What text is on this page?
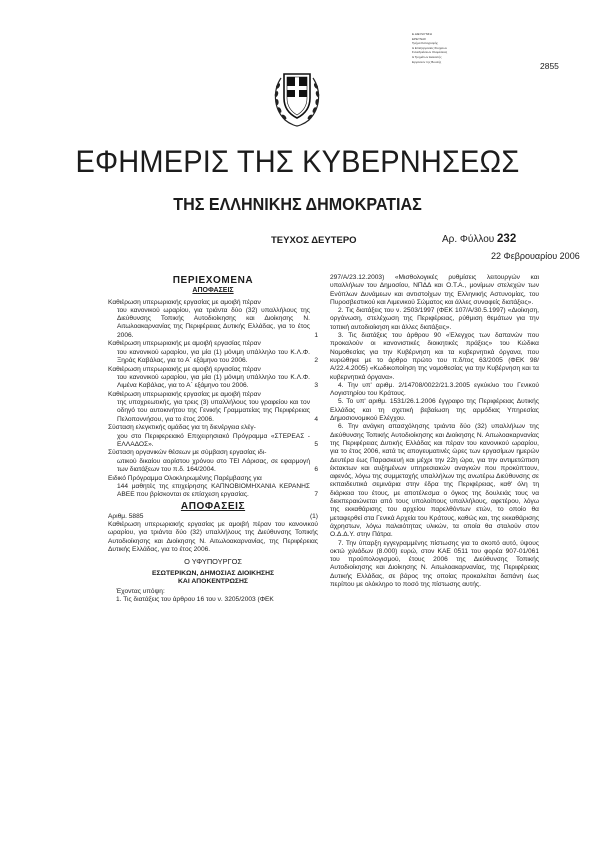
Ε.ΔΙΕΥΘΥΝΣΗ
ΕΡΕΥΝΑΣ
Τμήμα Καταγραφής
& Επεξεργασίας Στοιχείων
Συνεδριάσεων Ολομέλειας
& Τμημάτων Διακοπής
Εργασιών της Βουλής	2855
ΕΦΗΜΕΡΙΣ ΤΗΣ ΚΥΒΕΡΝΗΣΕΩΣ
ΤΗΣ ΕΛΛΗΝΙΚΗΣ ΔΗΜΟΚΡΑΤΙΑΣ
ΤΕΥΧΟΣ ΔΕΥΤΕΡΟ	Αρ. Φύλλου 232
22 Φεβρουαρίου 2006
ΠΕΡΙΕΧΟΜΕΝΑ
ΑΠΟΦΑΣΕΙΣ
Καθιέρωση υπερωριακής εργασίας με αμοιβή πέραν
του κανονικού ωραρίου, για τριάντα δύο (32) υπαλλήλους της Διεύθυνσης Τοπικής Αυτοδιοίκησης και Διοίκησης Ν. Αιτωλοακαρνανίας της Περιφέρειας Δυτικής Ελλάδας, για το έτος 2006.	1
Καθιέρωση υπερωριακής με αμοιβή εργασίας πέραν
του κανονικού ωραρίου, για μία (1) μόνιμη υπάλληλο του Κ.Λ.Φ. Ξηράς Καβάλας, για το Α΄ εξάμηνο του 2006.	2
Καθιέρωση υπερωριακής με αμοιβή εργασίας πέραν
του κανονικού ωραρίου, για μία (1) μόνιμη υπάλληλο του Κ.Λ.Φ. Λιμένα Καβάλας, για το Α΄ εξάμηνο του 2006.	3
Καθιέρωση υπερωριακής εργασίας με αμοιβή πέραν
της υποχρεωτικής, για τρεις (3) υπαλλήλους του γραφείου και τον οδηγό του αυτοκινήτου της Γενικής Γραμματείας της Περιφέρειας Πελοποννήσου, για το έτος 2006.	4
Σύσταση ελεγκτικής ομάδας για τη διενέργεια ελέγ-
χου στο Περιφερειακό Επιχειρησιακό Πρόγραμμα «ΣΤΕΡΕΑΣ - ΕΛΛΑΔΟΣ».	5
Σύσταση οργανικών θέσεων με σύμβαση εργασίας ιδι-
ωτικού δικαίου αορίστου χρόνου στο ΤΕΙ Λάρισας, σε εφαρμογή των διατάξεων του π.δ. 164/2004.	6
Ειδικό Πρόγραμμα Ολοκληρωμένης Παρέμβασης για
144 μαθητές της επιχείρησης ΚΑΠΝΟΒΙΟΜΗΧΑΝΙΑ ΚΕΡΑΝΗΣ ΑΒΕΕ που βρίσκονται σε επίσχεση εργασίας.	7
ΑΠΟΦΑΣΕΙΣ
Αριθμ. 5885	(1)
Καθιέρωση υπερωριακής εργασίας με αμοιβή πέραν του κανονικού ωραρίου, για τριάντα δύο (32) υπαλλήλους της Διεύθυνσης Τοπικής Αυτοδιοίκησης και Διοίκησης Ν. Αιτωλοακαρνανίας, της Περιφέρειας Δυτικής Ελλάδας, για το έτος 2006.
Ο ΥΦΥΠΟΥΡΓΟΣ
ΕΣΩΤΕΡΙΚΩΝ, ΔΗΜΟΣΙΑΣ ΔΙΟΙΚΗΣΗΣ
ΚΑΙ ΑΠΟΚΕΝΤΡΩΣΗΣ
Έχοντας υπόψη:
1. Τις διατάξεις του άρθρου 16 του ν. 3205/2003 (ΦΕΚ
297/Α/23.12.2003) «Μισθολογικές ρυθμίσεις λειτουργών και υπαλλήλων του Δημοσίου, ΝΠΔΔ και Ο.Τ.Α., μονίμων στελεχών των Ενόπλων Δυνάμεων και αντιστοίχων της Ελληνικής Αστυνομίας, του Πυροσβεστικού και Λιμενικού Σώματος και άλλες συναφείς διατάξεις».
2. Τις διατάξεις του ν. 2503/1997 (ΦΕΚ 107/Α/30.5.1997) «Διοίκηση, οργάνωση, στελέχωση της Περιφέρειας, ρύθμιση θεμάτων για την τοπική αυτοδιοίκηση και άλλες διατάξεις».
3. Τις διατάξεις του άρθρου 90 «Έλεγχος των δαπανών που προκαλούν οι κανονιστικές διοικητικές πράξεις» του Κώδικα Νομοθεσίας για την Κυβέρνηση και τα κυβερνητικά όργανα, που κυρώθηκε με το άρθρο πρώτο του π.δ/τος 63/2005 (ΦΕΚ 98/Α/22.4.2005) «Κωδικοποίηση της νομοθεσίας για την Κυβέρνηση και τα κυβερνητικά όργανα».
4. Την υπ' αριθμ. 2/14708/0022/21.3.2005 εγκύκλιο του Γενικού Λογιστηρίου του Κράτους.
5. Το υπ' αριθμ. 1531/26.1.2006 έγγραφο της Περιφέρειας Δυτικής Ελλάδας και τη σχετική βεβαίωση της αρμόδιας Υπηρεσίας Δημοσιονομικού Ελέγχου.
6. Την ανάγκη απασχόλησης τριάντα δύο (32) υπαλλήλων της Διεύθυνσης Τοπικής Αυτοδιοίκησης και Διοίκησης Ν. Αιτωλοακαρνανίας της Περιφέρειας Δυτικής Ελλάδας και πέραν του κανονικού ωραρίου, για το έτος 2006, κατά τις απογευματινές ώρες των εργασίμων ημερών Δευτέρα έως Παρασκευή και μέχρι την 22η ώρα, για την αντιμετώπιση έκτακτων και αυξημένων υπηρεσιακών αναγκών που προκύπτουν, αφενός, λόγω της συμμετοχής υπαλλήλων της ανωτέρω Διεύθυνσης σε εκπαιδευτικά σεμινάρια στην έδρα της Περιφέρειας, καθ' όλη τη διάρκεια του έτους, με αποτέλεσμα ο όγκος της δουλειάς τους να διεκπεραιώνεται από τους υπολοίπους υπαλλήλους, αφετέρου, λόγω της εκκαθάρισης του αρχείου παρελθόντων ετών, το οποίο θα μεταφερθεί στα Γενικά Αρχεία του Κράτους, καθώς και, της εκκαθάρισης άχρηστων, λόγω παλαιότητας υλικών, τα οποία θα σταλούν στον Ο.Δ.Δ.Υ. στην Πάτρα.
7. Την ύπαρξη εγγεγραμμένης πίστωσης για το σκοπό αυτό, ύψους οκτώ χιλιάδων (8.000) ευρώ, στον ΚΑΕ 0511 του φορέα 907-01/061 του προϋπολογισμού, έτους 2006 της Διεύθυνσης Τοπικής Αυτοδιοίκησης και Διοίκησης Ν. Αιτωλοακαρνανίας, της Περιφέρειας Δυτικής Ελλάδας, σε βάρος της οποίας προκαλείται δαπάνη έως περίπου με ολόκληρο το ποσό της πίστωσης αυτής.
